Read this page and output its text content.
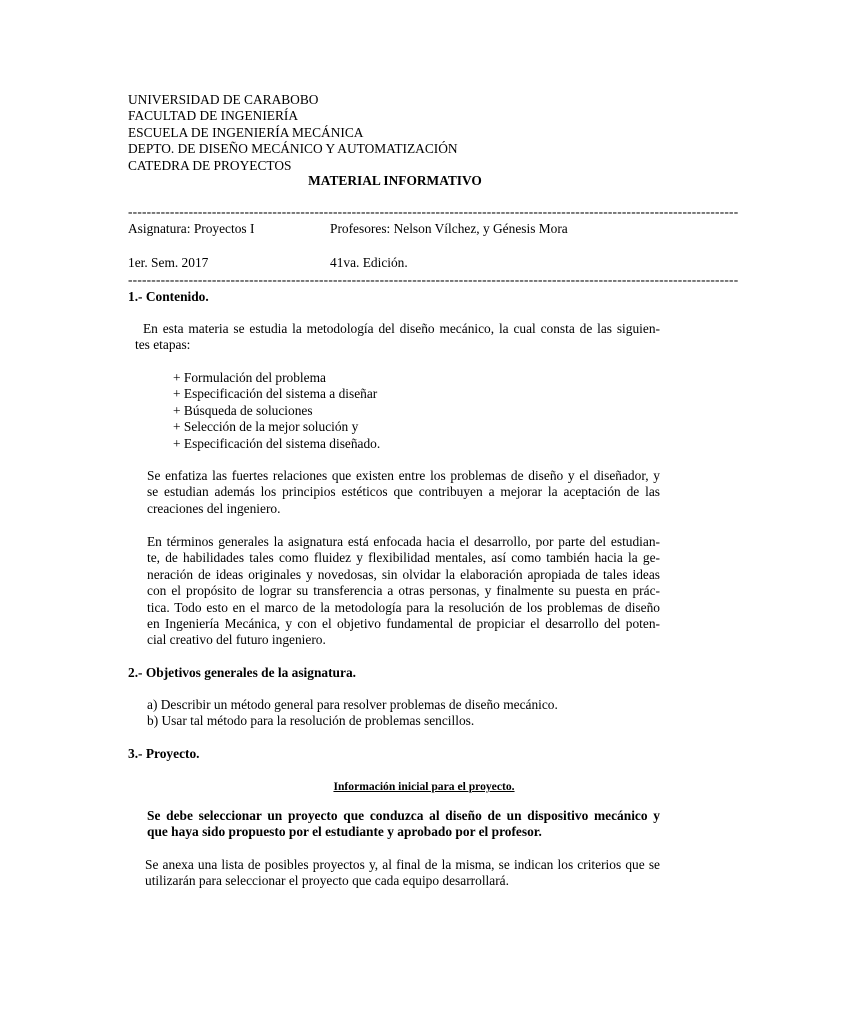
UNIVERSIDAD DE CARABOBO
FACULTAD DE INGENIERÍA
ESCUELA DE INGENIERÍA MECÁNICA
DEPTO. DE DISEÑO MECÁNICO Y AUTOMATIZACIÓN
CATEDRA DE PROYECTOS
MATERIAL INFORMATIVO
-----------------------------------------------------------------------------------------------------------------------------------
Asignatura: Proyectos I	Profesores: Nelson Vílchez, y Génesis Mora
1er. Sem. 2017	41va. Edición.
-----------------------------------------------------------------------------------------------------------------------------------
1.- Contenido.
En esta materia se estudia la metodología del diseño mecánico, la cual consta de las siguien-
tes etapas:
+ Formulación del problema
+ Especificación del sistema a diseñar
+ Búsqueda de soluciones
+ Selección de la mejor solución y
+ Especificación del sistema diseñado.
Se enfatiza las fuertes relaciones que existen entre los problemas de diseño y el diseñador, y
se estudian además los principios estéticos que contribuyen a mejorar la aceptación de las
creaciones del ingeniero.
En términos generales la asignatura está enfocada hacia el desarrollo, por parte del estudian-
te, de habilidades tales como fluidez y flexibilidad mentales, así como también hacia la ge-
neración de ideas originales y novedosas, sin olvidar la elaboración apropiada de tales ideas
con el propósito de lograr su transferencia a otras personas, y finalmente su puesta en prác-
tica. Todo esto en el marco de la metodología para la resolución de los problemas de diseño
en Ingeniería Mecánica, y con el objetivo fundamental de propiciar el desarrollo del poten-
cial creativo del futuro ingeniero.
2.- Objetivos generales de la asignatura.
a) Describir un método general para resolver problemas de diseño mecánico.
b) Usar tal método para la resolución de problemas sencillos.
3.- Proyecto.
Información inicial para el proyecto.
Se debe seleccionar un proyecto que conduzca al diseño de un dispositivo mecánico y
que haya sido propuesto por el estudiante y aprobado por el profesor.
Se anexa una lista de posibles proyectos y, al final de la misma, se indican los criterios que se
utilizarán para seleccionar el proyecto que cada equipo desarrollará.
